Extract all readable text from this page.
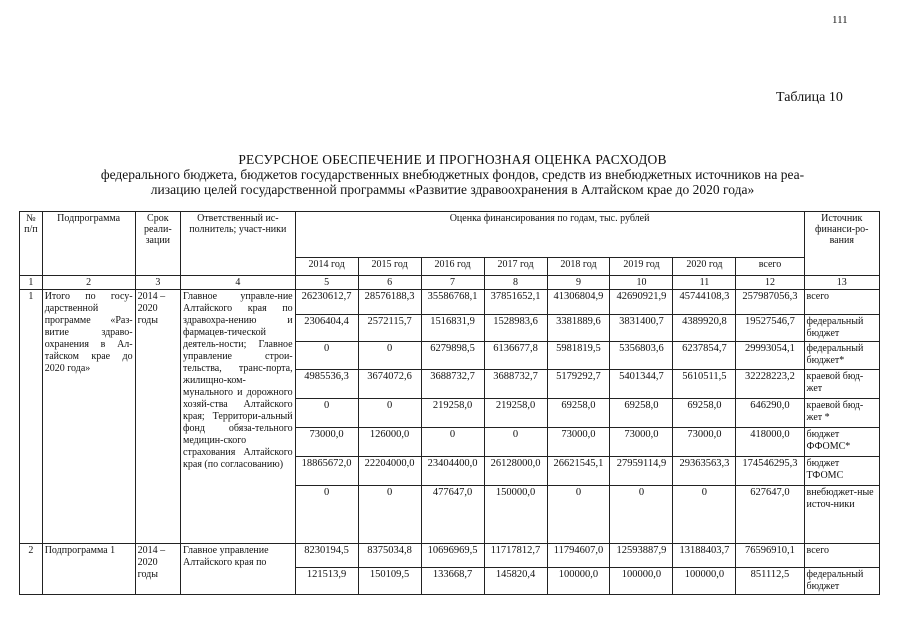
111
Таблица 10
РЕСУРСНОЕ ОБЕСПЕЧЕНИЕ И ПРОГНОЗНАЯ ОЦЕНКА РАСХОДОВ
федерального бюджета, бюджетов государственных внебюджетных фондов, средств из внебюджетных источников на реа-
лизацию целей государственной программы «Развитие здравоохранения в Алтайском крае до 2020 года»
№ п/п	Подпрограмма	Срок реали-зации	Ответственный ис-полнитель; участ-ники	Оценка финансирования по годам, тыс. рублей								Источник финанси-ро-вания
				2014 год	2015 год	2016 год	2017 год	2018 год	2019 год	2020 год	всего	
1	2	3	4	5	6	7	8	9	10	11	12	13
1	Итого по госу-дарственной программе «Раз-витие здраво-охранения в Ал-тайском крае до 2020 года»	2014 – 2020 годы	Главное управле-ние Алтайского края по здравохра-нению и фармацев-тической деятель-ности; Главное управление строи-тельства, транс-порта, жилищно-ком-мунального и дорожного хозяй-ства Алтайского края; Территори-альный фонд обяза-тельного медицин-ского страхования Алтайского края (по согласованию)	26230612,7	28576188,3	35586768,1	37851652,1	41306804,9	42690921,9	45744108,3	257987056,3	всего
				2306404,4	2572115,7	1516831,9	1528983,6	3381889,6	3831400,7	4389920,8	19527546,7	федеральный бюджет
				0	0	6279898,5	6136677,8	5981819,5	5356803,6	6237854,7	29993054,1	федеральный бюджет*
				4985536,3	3674072,6	3688732,7	3688732,7	5179292,7	5401344,7	5610511,5	32228223,2	краевой бюд-жет
				0	0	219258,0	219258,0	69258,0	69258,0	69258,0	646290,0	краевой бюд-жет *
				73000,0	126000,0	0	0	73000,0	73000,0	73000,0	418000,0	бюджет ФФОМС*
				18865672,0	22204000,0	23404400,0	26128000,0	26621545,1	27959114,9	29363563,3	174546295,3	бюджет ТФОМС
				0	0	477647,0	150000,0	0	0	0	627647,0	внебюджет-ные источ-ники
2	Подпрограмма 1	2014 – 2020 годы	Главное управление Алтайского края по	8230194,5	8375034,8	10696969,5	11717812,7	11794607,0	12593887,9	13188403,7	76596910,1	всего
				121513,9	150109,5	133668,7	145820,4	100000,0	100000,0	100000,0	851112,5	федеральный бюджет
